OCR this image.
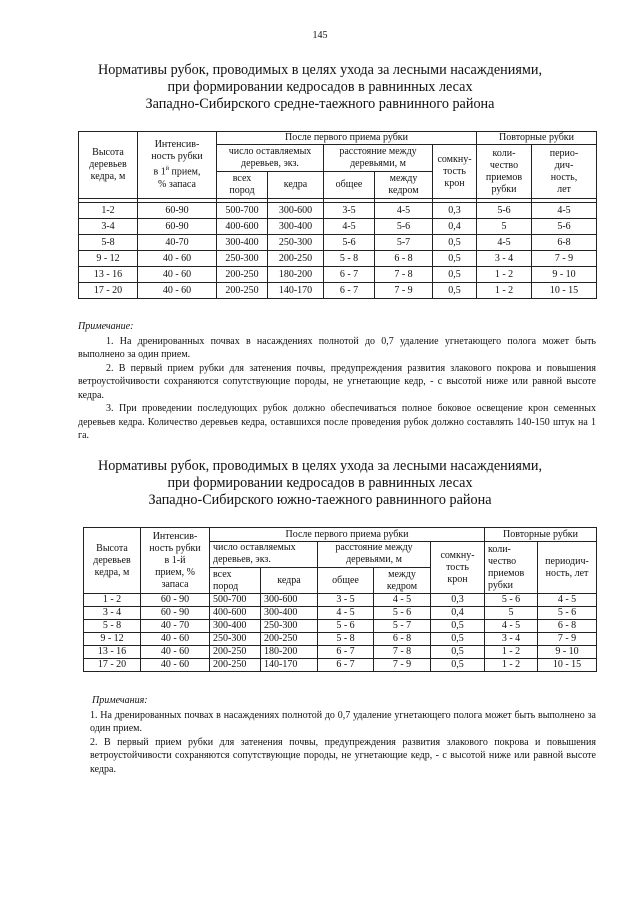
145
Нормативы рубок, проводимых в целях ухода за лесными насаждениями,
при формировании кедросадов в равнинных лесах
Западно-Сибирского средне-таежного равнинного района
Высота
деревьев
кедра, м	Интенсив-
ность рубки
в $1^й$ прием,
% запаса	После первого приема рубки					Повторные рубки	
		число оставляемых
деревьев, экз.		расстояние между
деревьями, м		сомкну-
тость
крон	коли-
чество
приемов
рубки	перио-
дич-
ность,
лет
		всех
пород	кедра	общее	между
кедром			

1-2	60-90	500-700	300-600	3-5	4-5	0,3	5-6	4-5
3-4	60-90	400-600	300-400	4-5	5-6	0,4	5	5-6
5-8	40-70	300-400	250-300	5-6	5-7	0,5	4-5	6-8
9 - 12	40 - 60	250-300	200-250	5 - 8	6 - 8	0,5	3 - 4	7 - 9
13 - 16	40 - 60	200-250	180-200	6 - 7	7 - 8	0,5	1 - 2	9 - 10
17 - 20	40 - 60	200-250	140-170	6 - 7	7 - 9	0,5	1 - 2	10 - 15
Примечание:

1. На дренированных почвах в насаждениях полнотой до 0,7 удаление угнетающего полога может быть выполнено за один прием.

2. В первый прием рубки для затенения почвы, предупреждения развития злакового покрова и повышения ветроустойчивости сохраняются сопутствующие породы, не угнетающие кедр, - с высотой ниже или равной высоте кедра.

3. При проведении последующих рубок должно обеспечиваться полное боковое освещение крон семенных деревьев кедра. Количество деревьев кедра, оставшихся после проведения рубок должно составлять 140-150 штук на 1 га.

Нормативы рубок, проводимых в целях ухода за лесными насаждениями,
при формировании кедросадов в равнинных лесах
Западно-Сибирского южно-таежного равнинного района
Высота
деревьев
кедра, м	Интенсив-
ность рубки
в 1-й
прием, %
запаса	После первого приема рубки					Повторные рубки	
		число оставляемых
деревьев, экз.		расстояние между
деревьями, м		сомкну-
тость
крон	коли-
чество
приемов
рубки	периодич-
ность, лет
		всех
пород	кедра	общее	между
кедром			
1 - 2	60 - 90	500-700	300-600	3 - 5	4 - 5	0,3	5 - 6	4 - 5
3 - 4	60 - 90	400-600	300-400	4 - 5	5 - 6	0,4	5	5 - 6
5 - 8	40 - 70	300-400	250-300	5 - 6	5 - 7	0,5	4 - 5	6 - 8
9 - 12	40 - 60	250-300	200-250	5 - 8	6 - 8	0,5	3 - 4	7 - 9
13 - 16	40 - 60	200-250	180-200	6 - 7	7 - 8	0,5	1 - 2	9 - 10
17 - 20	40 - 60	200-250	140-170	6 - 7	7 - 9	0,5	1 - 2	10 - 15
Примечания:

1. На дренированных почвах в насаждениях полнотой до 0,7 удаление угнетающего полога может быть выполнено за один прием.

2. В первый прием рубки для затенения почвы, предупреждения развития злакового покрова и повышения ветроустойчивости сохраняются сопутствующие породы, не угнетающие кедр, - с высотой ниже или равной высоте кедра.
